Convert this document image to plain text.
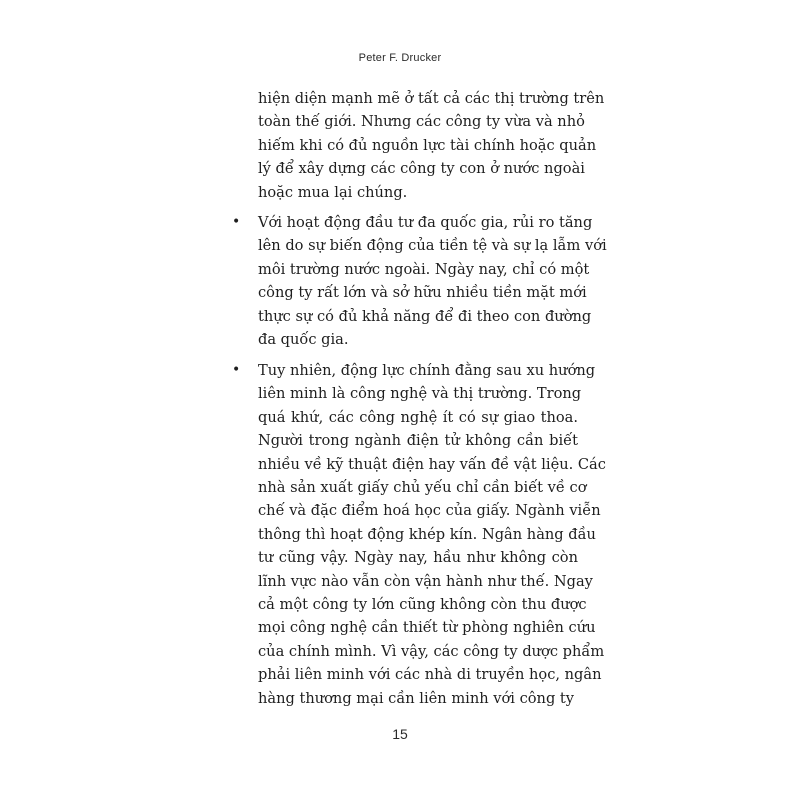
Peter F. Drucker

hiện diện mạnh mẽ ở tất cả các thị trường trên
toàn thế giới. Nhưng các công ty vừa và nhỏ
hiếm khi có đủ nguồn lực tài chính hoặc quản
lý để xây dựng các công ty con ở nước ngoài
hoặc mua lại chúng.

• Với hoạt động đầu tư đa quốc gia, rủi ro tăng
lên do sự biến động của tiền tệ và sự lạ lẫm với
môi trường nước ngoài. Ngày nay, chỉ có một
công ty rất lớn và sở hữu nhiều tiền mặt mới
thực sự có đủ khả năng để đi theo con đường
đa quốc gia.

• Tuy nhiên, động lực chính đằng sau xu hướng
liên minh là công nghệ và thị trường. Trong
quá khứ, các công nghệ ít có sự giao thoa.
Người trong ngành điện tử không cần biết
nhiều về kỹ thuật điện hay vấn đề vật liệu. Các
nhà sản xuất giấy chủ yếu chỉ cần biết về cơ
chế và đặc điểm hoá học của giấy. Ngành viễn
thông thì hoạt động khép kín. Ngân hàng đầu
tư cũng vậy. Ngày nay, hầu như không còn
lĩnh vực nào vẫn còn vận hành như thế. Ngay
cả một công ty lớn cũng không còn thu được
mọi công nghệ cần thiết từ phòng nghiên cứu
của chính mình. Vì vậy, các công ty dược phẩm
phải liên minh với các nhà di truyền học, ngân
hàng thương mại cần liên minh với công ty

15
